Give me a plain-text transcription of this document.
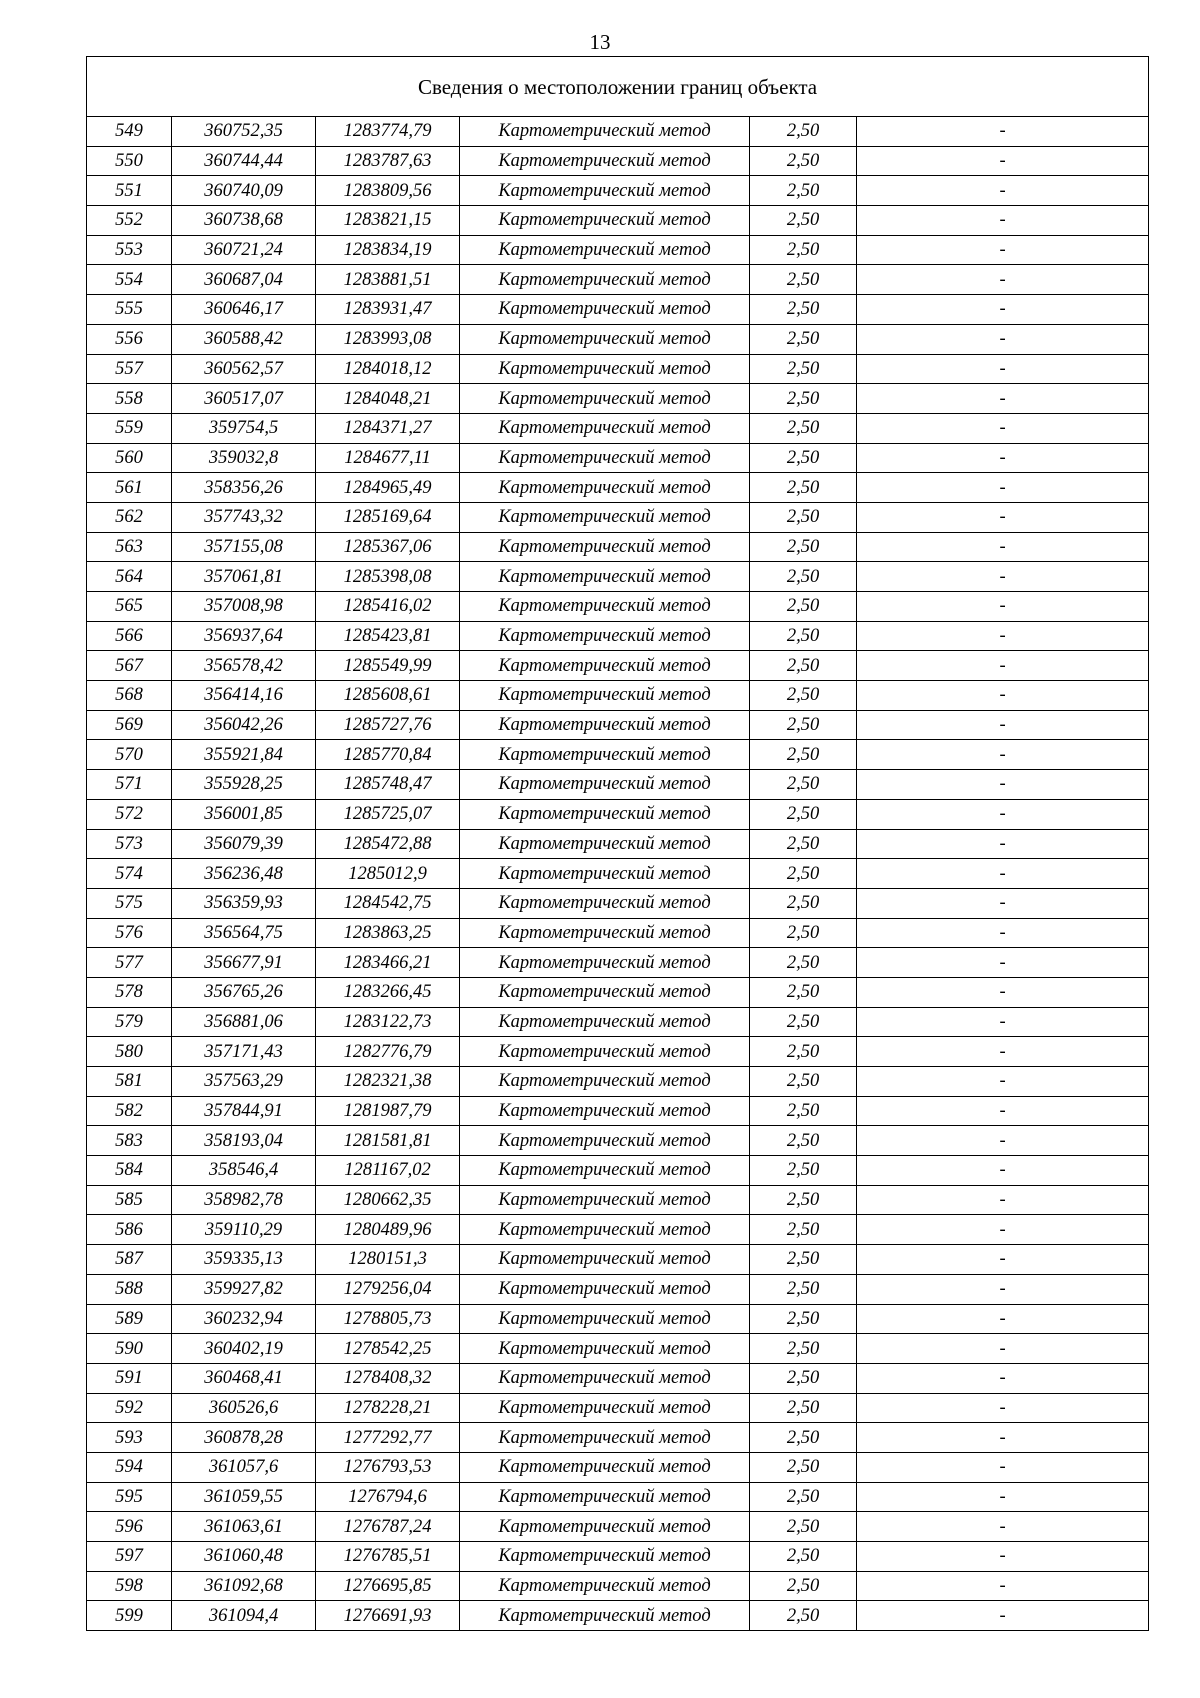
13
Сведения о местоположении границ объекта					
549	360752,35	1283774,79	Картометрический метод	2,50	-
550	360744,44	1283787,63	Картометрический метод	2,50	-
551	360740,09	1283809,56	Картометрический метод	2,50	-
552	360738,68	1283821,15	Картометрический метод	2,50	-
553	360721,24	1283834,19	Картометрический метод	2,50	-
554	360687,04	1283881,51	Картометрический метод	2,50	-
555	360646,17	1283931,47	Картометрический метод	2,50	-
556	360588,42	1283993,08	Картометрический метод	2,50	-
557	360562,57	1284018,12	Картометрический метод	2,50	-
558	360517,07	1284048,21	Картометрический метод	2,50	-
559	359754,5	1284371,27	Картометрический метод	2,50	-
560	359032,8	1284677,11	Картометрический метод	2,50	-
561	358356,26	1284965,49	Картометрический метод	2,50	-
562	357743,32	1285169,64	Картометрический метод	2,50	-
563	357155,08	1285367,06	Картометрический метод	2,50	-
564	357061,81	1285398,08	Картометрический метод	2,50	-
565	357008,98	1285416,02	Картометрический метод	2,50	-
566	356937,64	1285423,81	Картометрический метод	2,50	-
567	356578,42	1285549,99	Картометрический метод	2,50	-
568	356414,16	1285608,61	Картометрический метод	2,50	-
569	356042,26	1285727,76	Картометрический метод	2,50	-
570	355921,84	1285770,84	Картометрический метод	2,50	-
571	355928,25	1285748,47	Картометрический метод	2,50	-
572	356001,85	1285725,07	Картометрический метод	2,50	-
573	356079,39	1285472,88	Картометрический метод	2,50	-
574	356236,48	1285012,9	Картометрический метод	2,50	-
575	356359,93	1284542,75	Картометрический метод	2,50	-
576	356564,75	1283863,25	Картометрический метод	2,50	-
577	356677,91	1283466,21	Картометрический метод	2,50	-
578	356765,26	1283266,45	Картометрический метод	2,50	-
579	356881,06	1283122,73	Картометрический метод	2,50	-
580	357171,43	1282776,79	Картометрический метод	2,50	-
581	357563,29	1282321,38	Картометрический метод	2,50	-
582	357844,91	1281987,79	Картометрический метод	2,50	-
583	358193,04	1281581,81	Картометрический метод	2,50	-
584	358546,4	1281167,02	Картометрический метод	2,50	-
585	358982,78	1280662,35	Картометрический метод	2,50	-
586	359110,29	1280489,96	Картометрический метод	2,50	-
587	359335,13	1280151,3	Картометрический метод	2,50	-
588	359927,82	1279256,04	Картометрический метод	2,50	-
589	360232,94	1278805,73	Картометрический метод	2,50	-
590	360402,19	1278542,25	Картометрический метод	2,50	-
591	360468,41	1278408,32	Картометрический метод	2,50	-
592	360526,6	1278228,21	Картометрический метод	2,50	-
593	360878,28	1277292,77	Картометрический метод	2,50	-
594	361057,6	1276793,53	Картометрический метод	2,50	-
595	361059,55	1276794,6	Картометрический метод	2,50	-
596	361063,61	1276787,24	Картометрический метод	2,50	-
597	361060,48	1276785,51	Картометрический метод	2,50	-
598	361092,68	1276695,85	Картометрический метод	2,50	-
599	361094,4	1276691,93	Картометрический метод	2,50	-
